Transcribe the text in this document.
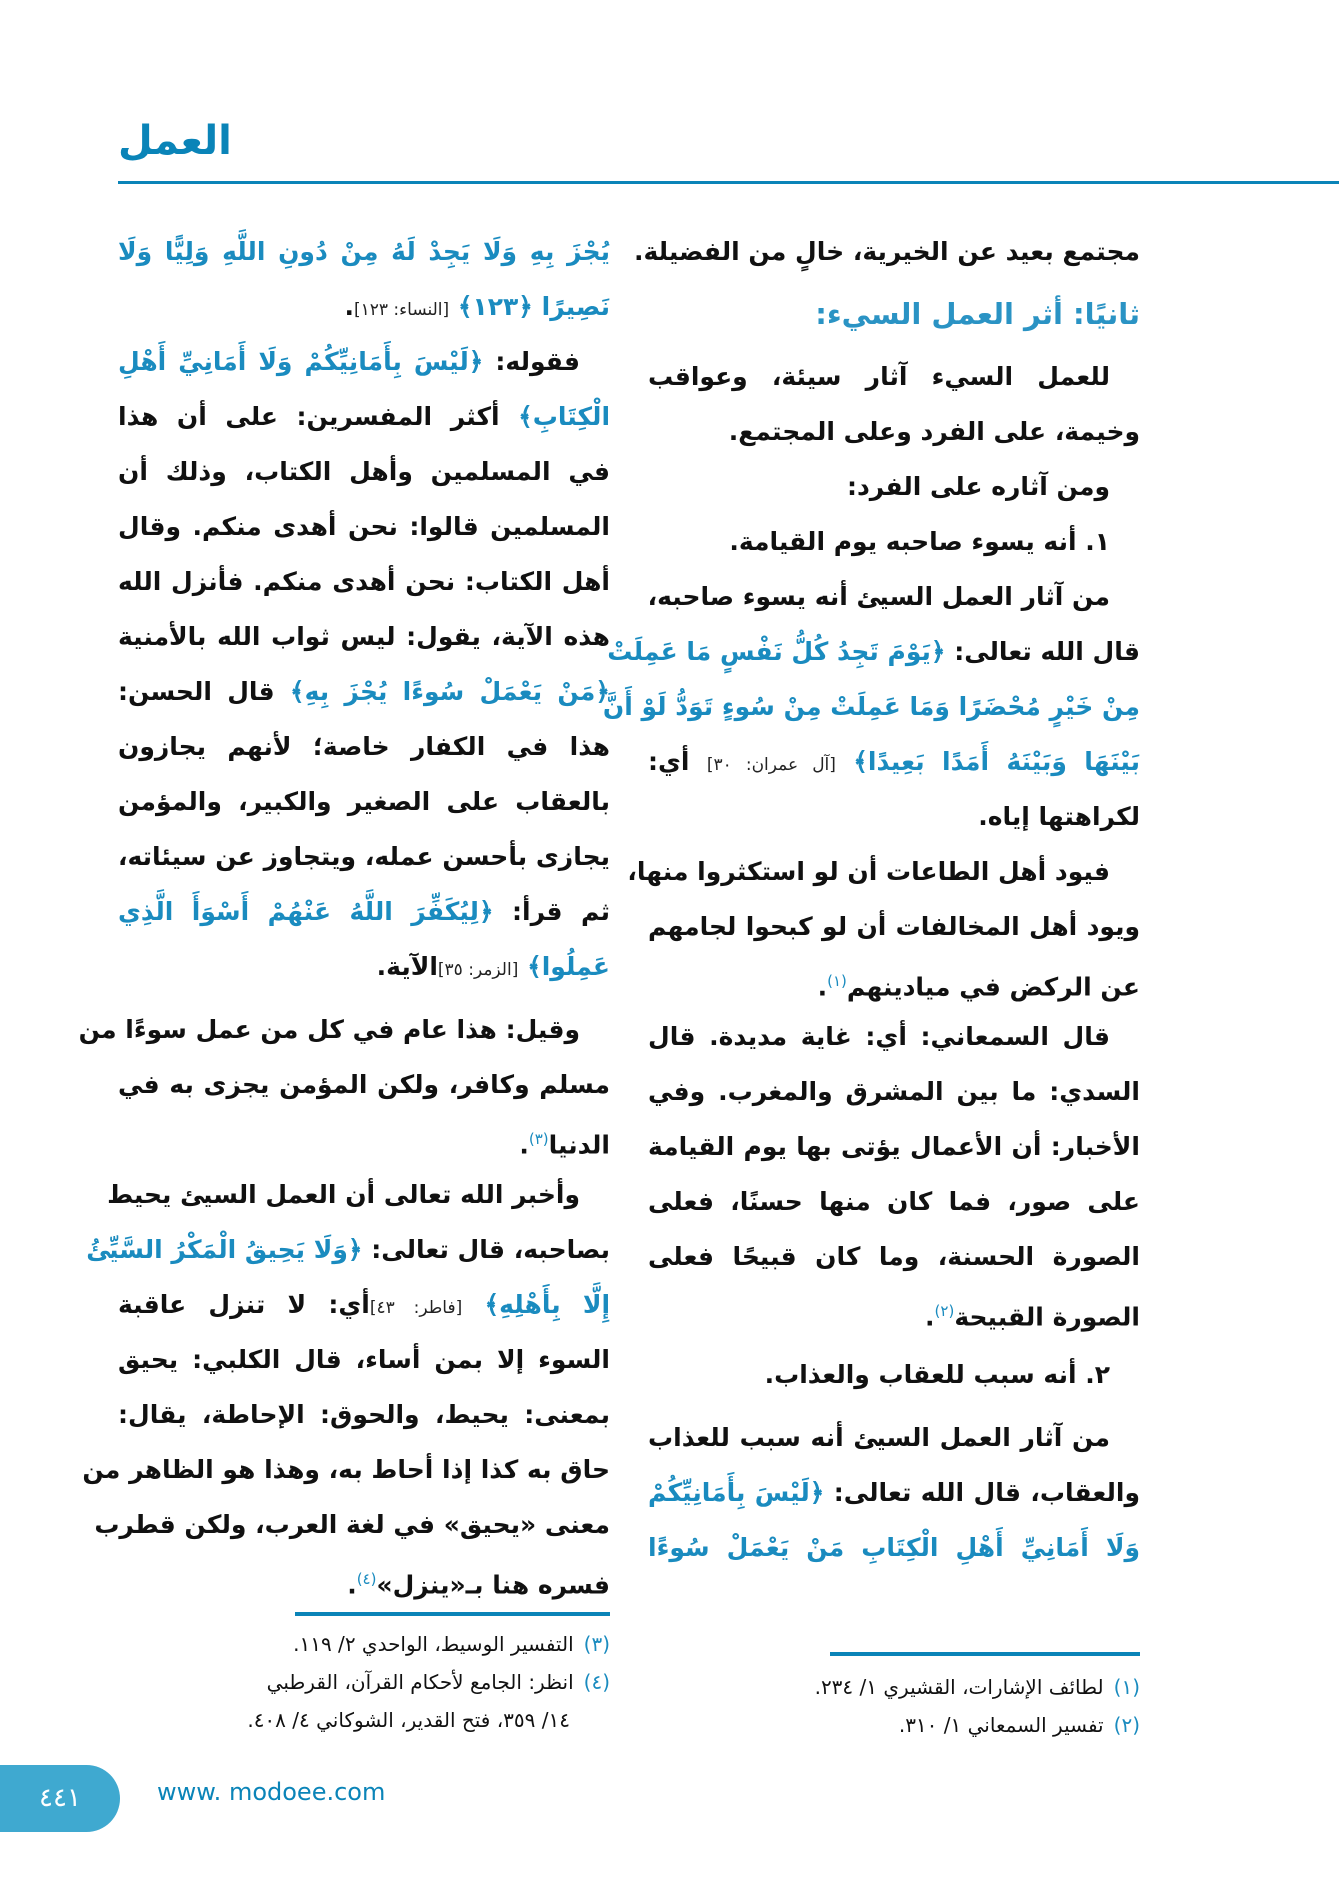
العمل
مجتمع بعيد عن الخيرية، خالٍ من الفضيلة.
ثانيًا: أثر العمل السيء:
للعمل السيء آثار سيئة، وعواقب
وخيمة، على الفرد وعلى المجتمع.
ومن آثاره على الفرد:
١. أنه يسوء صاحبه يوم القيامة.
من آثار العمل السيئ أنه يسوء صاحبه،
قال الله تعالى: ﴿يَوْمَ تَجِدُ كُلُّ نَفْسٍ مَا عَمِلَتْ
مِنْ خَيْرٍ مُحْضَرًا وَمَا عَمِلَتْ مِنْ سُوءٍ تَوَدُّ لَوْ أَنَّ
بَيْنَهَا وَبَيْنَهُ أَمَدًا بَعِيدًا﴾ [آل عمران: ٣٠] أي:
لكراهتها إياه.
فيود أهل الطاعات أن لو استكثروا منها،
ويود أهل المخالفات أن لو كبحوا لجامهم
عن الركض في ميادينهم$^{(١)}$.
قال السمعاني: أي: غاية مديدة. قال
السدي: ما بين المشرق والمغرب. وفي
الأخبار: أن الأعمال يؤتى بها يوم القيامة
على صور، فما كان منها حسنًا، فعلى
الصورة الحسنة، وما كان قبيحًا فعلى
الصورة القبيحة$^{(٢)}$.
٢. أنه سبب للعقاب والعذاب.
من آثار العمل السيئ أنه سبب للعذاب
والعقاب، قال الله تعالى: ﴿لَيْسَ بِأَمَانِيِّكُمْ
وَلَا أَمَانِيِّ أَهْلِ الْكِتَابِ مَنْ يَعْمَلْ سُوءًا
يُجْزَ بِهِ وَلَا يَجِدْ لَهُ مِنْ دُونِ اللَّهِ وَلِيًّا وَلَا
نَصِيرًا ﴿١٢٣﴾ [النساء: ١٢٣].
فقوله: ﴿لَيْسَ بِأَمَانِيِّكُمْ وَلَا أَمَانِيِّ أَهْلِ
الْكِتَابِ﴾ أكثر المفسرين: على أن هذا
في المسلمين وأهل الكتاب، وذلك أن
المسلمين قالوا: نحن أهدى منكم. وقال
أهل الكتاب: نحن أهدى منكم. فأنزل الله
هذه الآية، يقول: ليس ثواب الله بالأمنية
﴿مَنْ يَعْمَلْ سُوءًا يُجْزَ بِهِ﴾ قال الحسن:
هذا في الكفار خاصة؛ لأنهم يجازون
بالعقاب على الصغير والكبير، والمؤمن
يجازى بأحسن عمله، ويتجاوز عن سيئاته،
ثم قرأ: ﴿لِيُكَفِّرَ اللَّهُ عَنْهُمْ أَسْوَأَ الَّذِي
عَمِلُوا﴾ [الزمر: ٣٥]الآية.
وقيل: هذا عام في كل من عمل سوءًا من
مسلم وكافر، ولكن المؤمن يجزى به في
الدنيا$^{(٣)}$.
وأخبر الله تعالى أن العمل السيئ يحيط
بصاحبه، قال تعالى: ﴿وَلَا يَحِيقُ الْمَكْرُ السَّيِّئُ
إِلَّا بِأَهْلِهِ﴾ [فاطر: ٤٣]أي: لا تنزل عاقبة
السوء إلا بمن أساء، قال الكلبي: يحيق
بمعنى: يحيط، والحوق: الإحاطة، يقال:
حاق به كذا إذا أحاط به، وهذا هو الظاهر من
معنى «يحيق» في لغة العرب، ولكن قطرب
فسره هنا بـ«ينزل»$^{(٤)}$.
(١)لطائف الإشارات، القشيري ١/ ٢٣٤.
(٢)تفسير السمعاني ١/ ٣١٠.
(٣)التفسير الوسيط، الواحدي ٢/ ١١٩.
(٤)انظر: الجامع لأحكام القرآن، القرطبي
١٤/ ٣٥٩، فتح القدير، الشوكاني ٤/ ٤٠٨.
٤٤١	www. modoee.com
